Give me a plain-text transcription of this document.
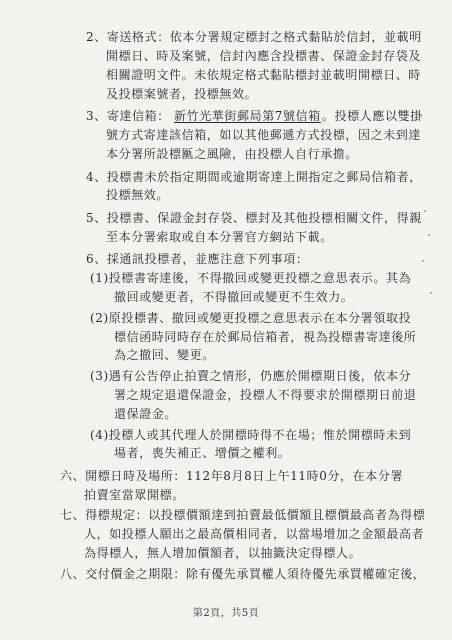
2、寄送格式：依本分署規定標封之格式黏貼於信封，並載明
開標日、時及案號，信封內應含投標書、保證金封存袋及
相關證明文件。未依規定格式黏貼標封並載明開標日、時
及投標案號者，投標無效。
3、寄達信箱： 新竹光華街郵局第7號信箱 。投標人應以雙掛
號方式寄達該信箱，如以其他郵遞方式投標，因之未到達
本分署所設標匭之風險，由投標人自行承擔。
4、投標書未於指定期間或逾期寄達上開指定之郵局信箱者，
投標無效。
5、投標書、保證金封存袋、標封及其他投標相關文件，得親
至本分署索取或自本分署官方網站下載。
6、採通訊投標者，並應注意下列事項：
(1)投標書寄達後，不得撤回或變更投標之意思表示。其為
撤回或變更者，不得撤回或變更不生效力。
(2)原投標書、撤回或變更投標之意思表示在本分署領取投
標信函時同時存在於郵局信箱者，視為投標書寄達後所
為之撤回、變更。
(3)遇有公告停止拍賣之情形，仍應於開標期日後，依本分
署之規定退還保證金，投標人不得要求於開標期日前退
還保證金。
(4)投標人或其代理人於開標時得不在場；惟於開標時未到
場者，喪失補正、增價之權利。
六、開標日時及場所：112年8月8日上午11時0分，在本分署
拍賣室當眾開標。
七、得標規定：以投標價額達到拍賣最低價額且標價最高者為得標
人，如投標人願出之最高價相同者，以當場增加之金額最高者
為得標人，無人增加價額者，以抽籤決定得標人。
八、交付價金之期限：除有優先承買權人須待優先承買權確定後，
第2頁，共5頁
